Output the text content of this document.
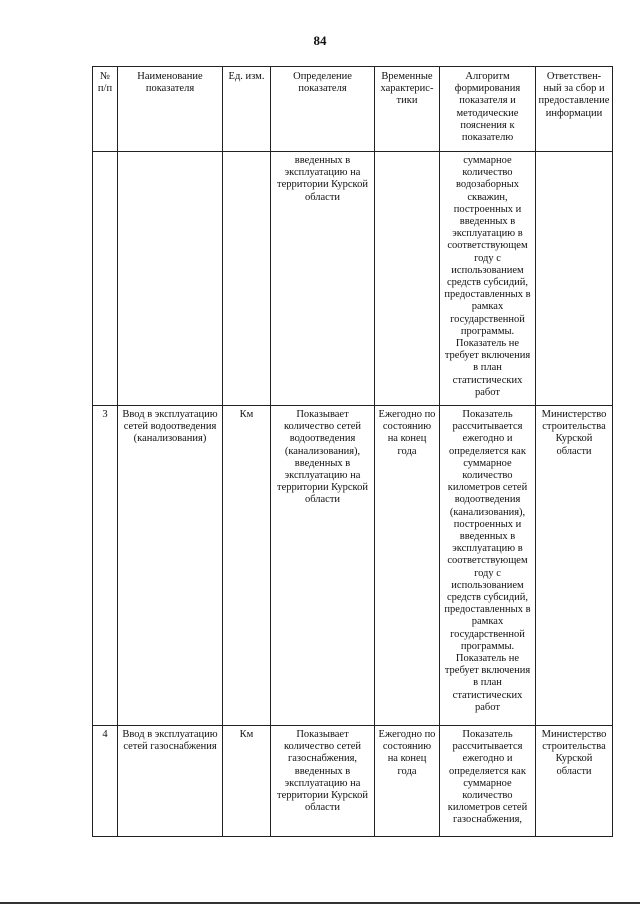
84
№ п/п	Наименование показателя	Ед. изм.	Определение показателя	Временные характерис-тики	Алгоритм формирования показателя и методические пояснения к показателю	Ответствен-ный за сбор и предоставление информации
			введенных в эксплуатацию на территории Курской области		суммарное количество водозаборных скважин, построенных и введенных в эксплуатацию в соответствующем году с использованием средств субсидий, предоставленных в рамках государственной программы. Показатель не требует включения в план статистических работ	
3	Ввод в эксплуатацию сетей водоотведения (канализования)	Км	Показывает количество сетей водоотведения (канализования), введенных в эксплуатацию на территории Курской области	Ежегодно по состоянию на конец года	Показатель рассчитывается ежегодно и определяется как суммарное количество километров сетей водоотведения (канализования), построенных и введенных в эксплуатацию в соответствующем году с использованием средств субсидий, предоставленных в рамках государственной программы. Показатель не требует включения в план статистических работ	Министерство строительства Курской области
4	Ввод в эксплуатацию сетей газоснабжения	Км	Показывает количество сетей газоснабжения, введенных в эксплуатацию на территории Курской области	Ежегодно по состоянию на конец года	Показатель рассчитывается ежегодно и определяется как суммарное количество километров сетей газоснабжения,	Министерство строительства Курской области
